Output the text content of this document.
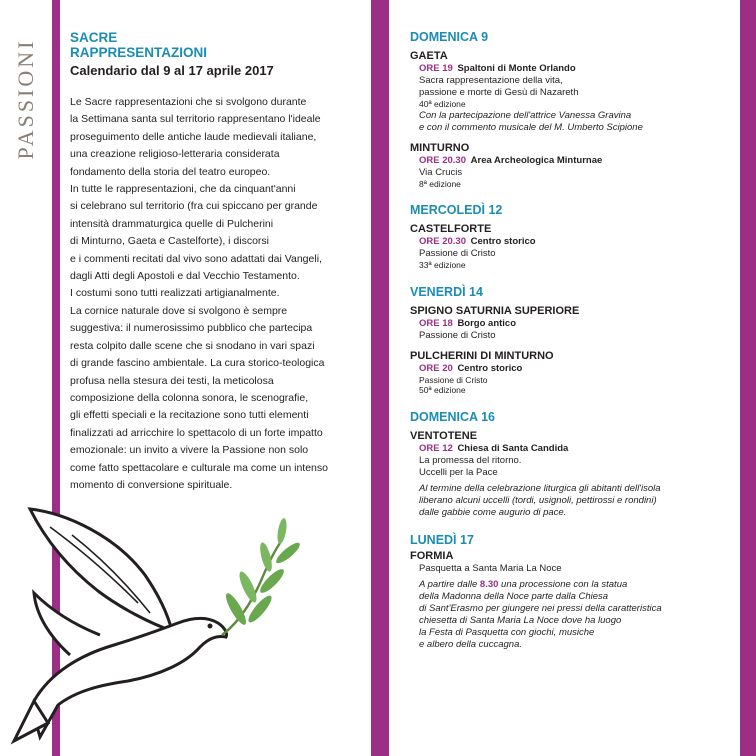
PASSIONI
SACRE
RAPPRESENTAZIONI
Calendario dal 9 al 17 aprile 2017
Le Sacre rappresentazioni che si svolgono durante
la Settimana santa sul territorio rappresentano l'ideale
proseguimento delle antiche laude medievali italiane,
una creazione religioso-letteraria considerata
fondamento della storia del teatro europeo.
In tutte le rappresentazioni, che da cinquant'anni
si celebrano sul territorio (fra cui spiccano per grande
intensità drammaturgica quelle di Pulcherini
di Minturno, Gaeta e Castelforte), i discorsi
e i commenti recitati dal vivo sono adattati dai Vangeli,
dagli Atti degli Apostoli e dal Vecchio Testamento.
I costumi sono tutti realizzati artigianalmente.
La cornice naturale dove si svolgono è sempre
suggestiva: il numerosissimo pubblico che partecipa
resta colpito dalle scene che si snodano in vari spazi
di grande fascino ambientale. La cura storico-teologica
profusa nella stesura dei testi, la meticolosa
composizione della colonna sonora, le scenografie,
gli effetti speciali e la recitazione sono tutti elementi
finalizzati ad arricchire lo spettacolo di un forte impatto
emozionale: un invito a vivere la Passione non solo
come fatto spettacolare e culturale ma come un intenso
momento di conversione spirituale.
DOMENICA 9
GAETA
ORE 19 Spaltoni di Monte Orlando
Sacra rappresentazione della vita,
passione e morte di Gesù di Nazareth
40ª edizione
Con la partecipazione dell'attrice Vanessa Gravina
e con il commento musicale del M. Umberto Scipione
MINTURNO
ORE 20.30 Area Archeologica Minturnae
Via Crucis
8ª edizione
MERCOLEDÌ 12
CASTELFORTE
ORE 20.30 Centro storico
Passione di Cristo
33ª edizione
VENERDÌ 14
SPIGNO SATURNIA SUPERIORE
ORE 18 Borgo antico
Passione di Cristo
PULCHERINI DI MINTURNO
ORE 20 Centro storico
Passione di Cristo
50ª edizione
DOMENICA 16
VENTOTENE
ORE 12 Chiesa di Santa Candida
La promessa del ritorno.
Uccelli per la Pace
Al termine della celebrazione liturgica gli abitanti dell'isola
liberano alcuni uccelli (tordi, usignoli, pettirossi e rondini)
dalle gabbie come augurio di pace.
LUNEDÌ 17
FORMIA
Pasquetta a Santa Maria La Noce
A partire dalle 8.30 una processione con la statua
della Madonna della Noce parte dalla Chiesa
di Sant'Erasmo per giungere nei pressi della caratteristica
chiesetta di Santa Maria La Noce dove ha luogo
la Festa di Pasquetta con giochi, musiche
e albero della cuccagna.
